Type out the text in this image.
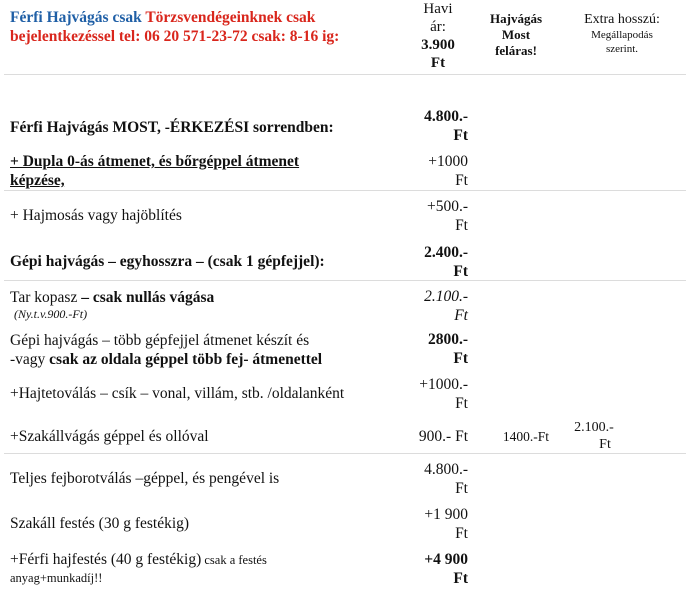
Férfi Hajvágás csak Törzsvendégeinknek csak
bejelentkezéssel tel: 06 20 571-23-72 csak: 8-16 ig:
Havi
ár:
3.900
Ft
Hajvágás
Most
feláras!
Extra hosszú:
Megállapodás
szerint.
Férfi Hajvágás MOST, -ÉRKEZÉSI sorrendben:
4.800.-
Ft
+ Dupla 0-ás átmenet, és bőrgéppel átmenet
képzése,
+1000
Ft
+ Hajmosás vagy hajöblítés
+500.-
Ft
Gépi hajvágás – egyhosszra – (csak 1 gépfejjel):
2.400.-
Ft
Tar kopasz – csak nullás vágása
(Ny.t.v.900.-Ft)
2.100.-
Ft
Gépi hajvágás – több gépfejjel átmenet készít és
-vagy csak az oldala géppel több fej- átmenettel
2800.-
Ft
+Hajtetoválás – csík – vonal, villám, stb. /oldalanként
+1000.-
Ft
+Szakállvágás géppel és ollóval	900.- Ft	1400.-Ft
2.100.-
Ft
Teljes fejborotválás –géppel, és pengével is
4.800.-
Ft
Szakáll festés (30 g festékig)
+1 900
Ft
+Férfi hajfestés (40 g festékig) csak a festés
anyag+munkadíj!!
+4 900
Ft
